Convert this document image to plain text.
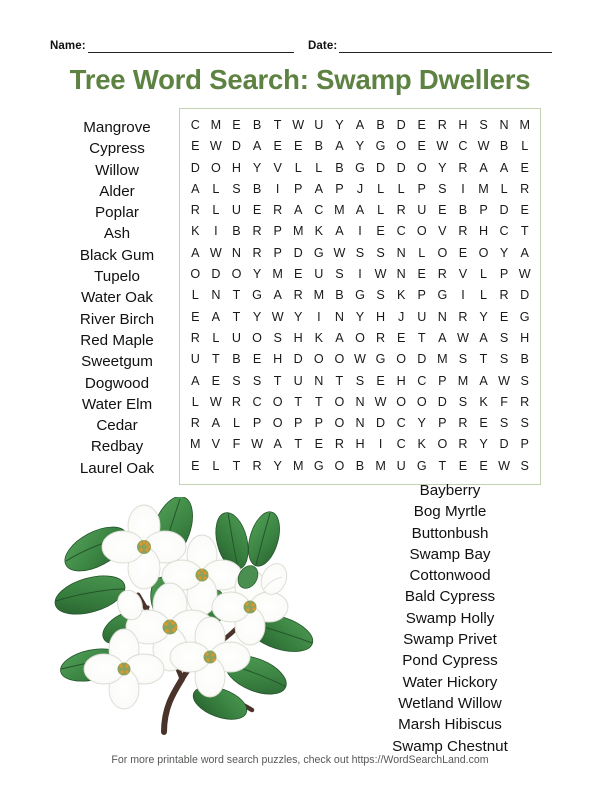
Name:	Date:
Tree Word Search: Swamp Dwellers
Mangrove
Cypress
Willow
Alder
Poplar
Ash
Black Gum
Tupelo
Water Oak
River Birch
Red Maple
Sweetgum
Dogwood
Water Elm
Cedar
Redbay
Laurel Oak
C M E B T W U Y A B D E R H S N M
E W D A E E B A Y G O E W C W B	L
D O H Y V	L	L	B G D D O Y R A A E
A	L	S B	I	P A P	J	L	L	P S	I	M L R
R L U E R A C M A	L R U E B P D E
K	I	B R P M K A	I	E C O V R H C T
A W N R P D G W S S N L O E O Y A
O D O Y M E U S	I	W N E R V	L	P W
L N T G A R M B G S K P G	I	L R D
E A T Y W Y	I	N Y H	J	U N R Y E G
R L U O S H K A O R E T A W A S H
U T B E H D O O W G O D M S T S B
A E S S T U N T S E H C P M A W S
L W R C O T	T O N W O O D S K F R
R A	L	P O P P O N D C Y P R E S S
M V F W A T E R H	I	C K O R Y D P
E	L	T R Y M G O B M U G T E E W S
Bayberry
Bog Myrtle
Buttonbush
Swamp Bay
Cottonwood
Bald Cypress
Swamp Holly
Swamp Privet
Pond Cypress
Water Hickory
Wetland Willow
Marsh Hibiscus
Swamp Chestnut
For more printable word search puzzles, check out https://WordSearchLand.com
